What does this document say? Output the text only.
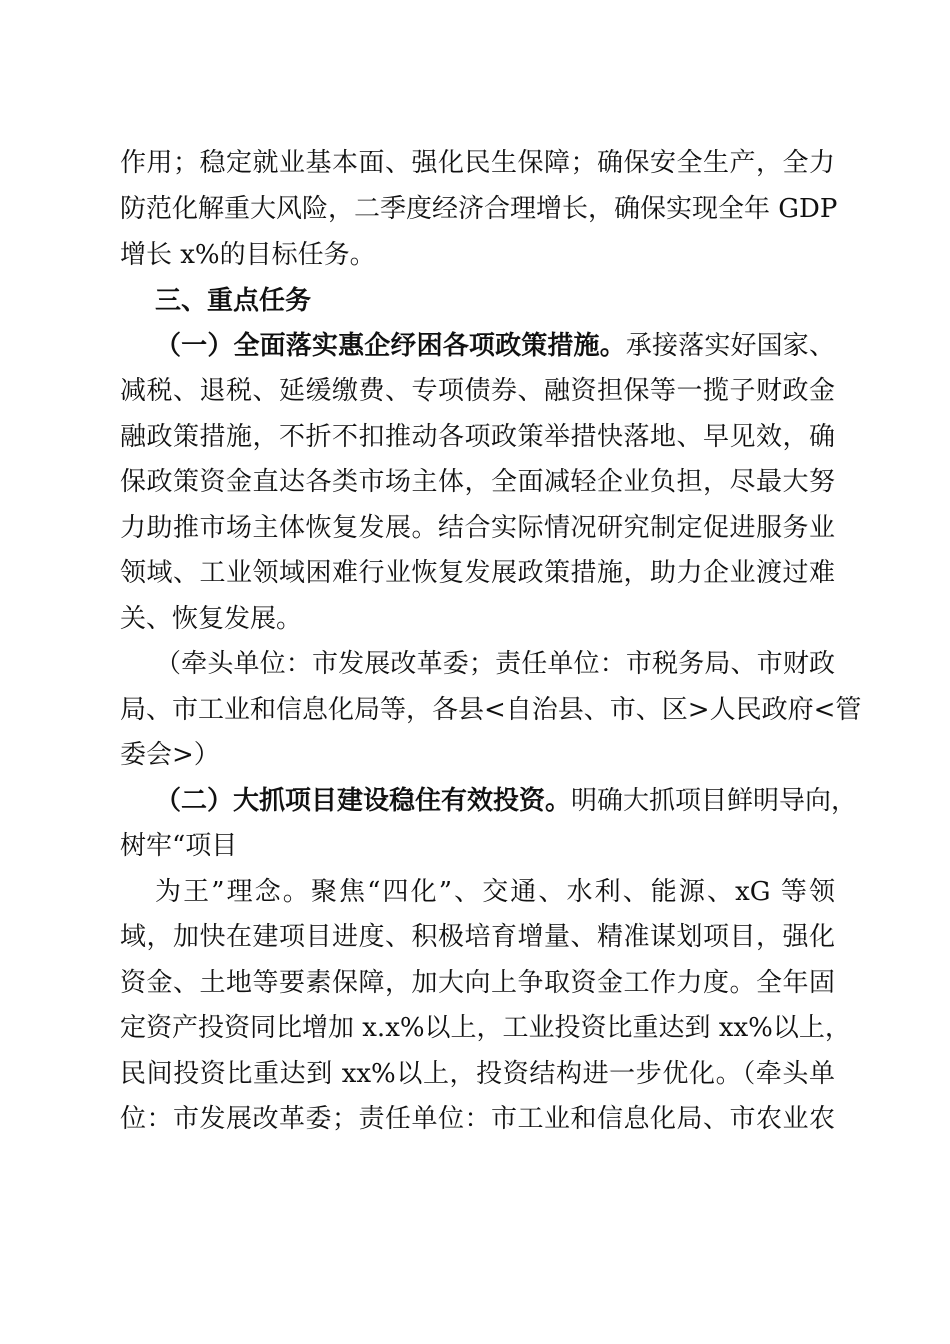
作用；稳定就业基本面、强化民生保障；确保安全生产，全力
防范化解重大风险，二季度经济合理增长，确保实现全年 GDP
增长 x%的目标任务。
三、重点任务
（一）全面落实惠企纾困各项政策措施。承接落实好国家、
减税、退税、延缓缴费、专项债券、融资担保等一揽子财政金
融政策措施，不折不扣推动各项政策举措快落地、早见效，确
保政策资金直达各类市场主体，全面减轻企业负担，尽最大努
力助推市场主体恢复发展。结合实际情况研究制定促进服务业
领域、工业领域困难行业恢复发展政策措施，助力企业渡过难
关、恢复发展。
（牵头单位：市发展改革委；责任单位：市税务局、市财政
局、市工业和信息化局等，各县<自治县、市、区>人民政府<管
委会>）
（二）大抓项目建设稳住有效投资。明确大抓项目鲜明导向，
树牢“项目
为王”理念。聚焦“四化”、交通、水利、能源、xG 等领
域，加快在建项目进度、积极培育增量、精准谋划项目，强化
资金、土地等要素保障，加大向上争取资金工作力度。全年固
定资产投资同比增加 x.x%以上，工业投资比重达到 xx%以上，
民间投资比重达到 xx%以上，投资结构进一步优化。（牵头单
位：市发展改革委；责任单位：市工业和信息化局、市农业农
